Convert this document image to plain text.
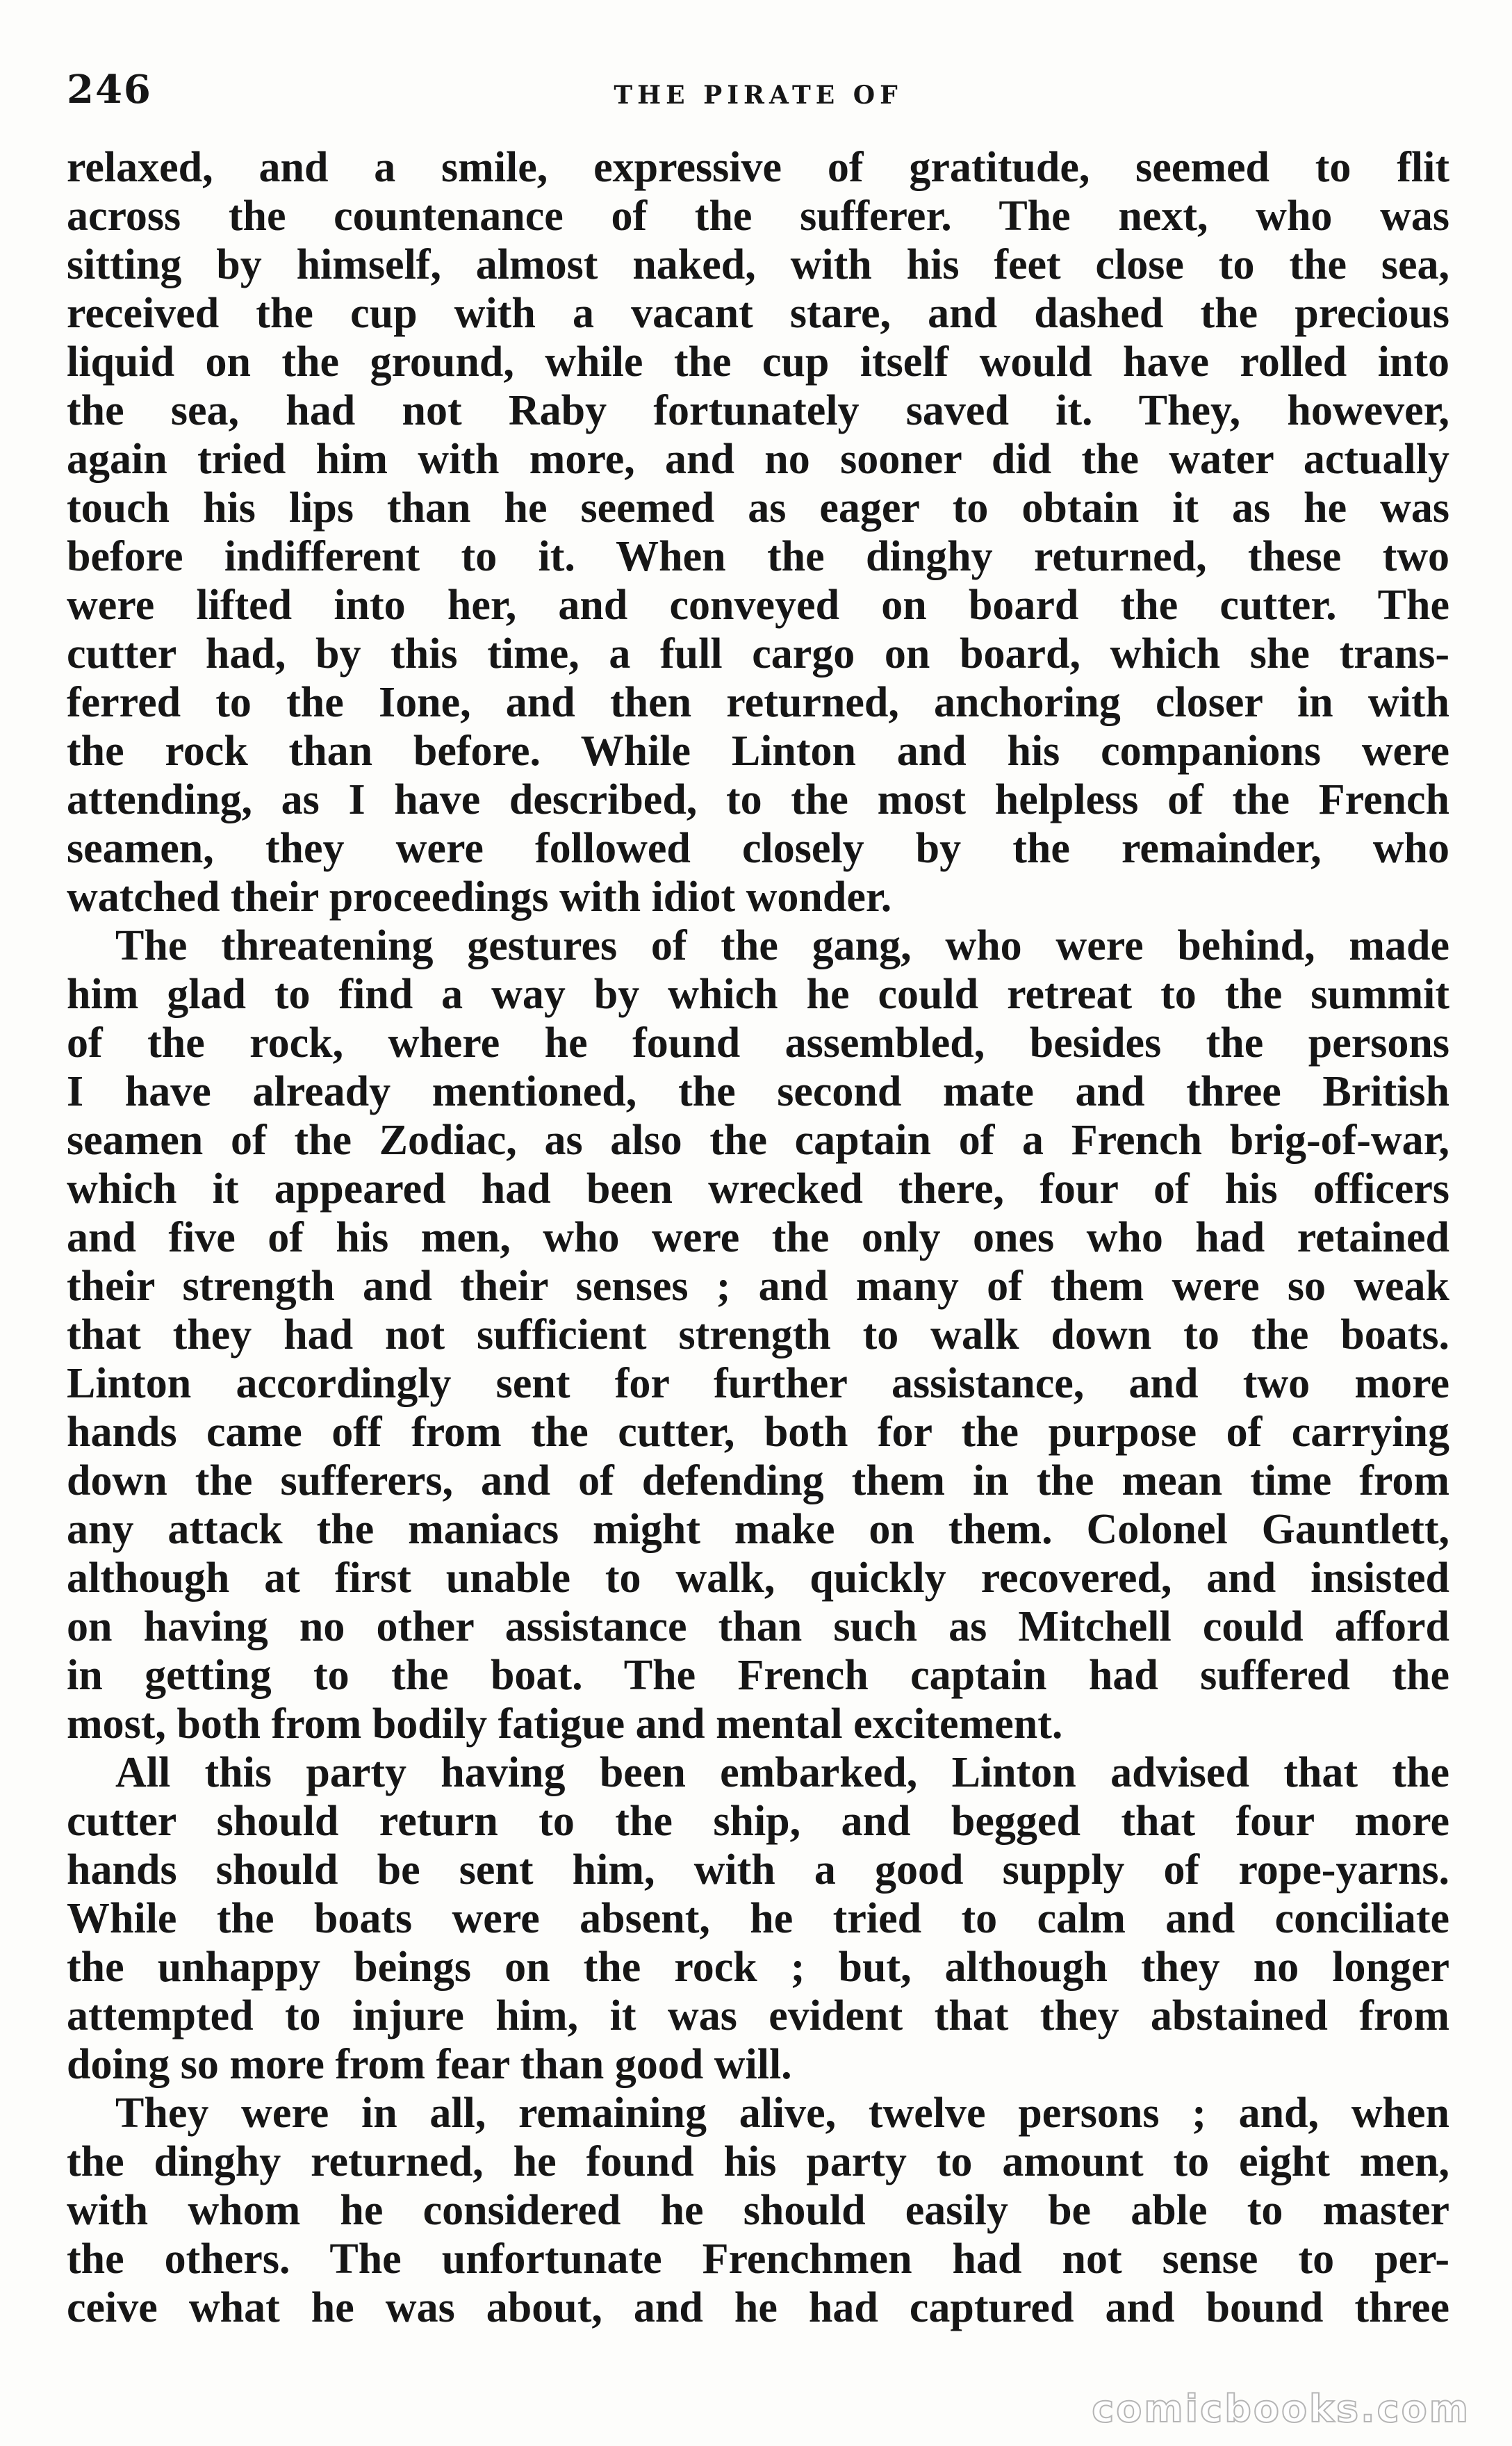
246	THE PIRATE OF
relaxed, and a smile, expressive of gratitude, seemed to flit
across the countenance of the sufferer. The next, who was
sitting by himself, almost naked, with his feet close to the sea,
received the cup with a vacant stare, and dashed the precious
liquid on the ground, while the cup itself would have rolled into
the sea, had not Raby fortunately saved it. They, however,
again tried him with more, and no sooner did the water actually
touch his lips than he seemed as eager to obtain it as he was
before indifferent to it. When the dinghy returned, these two
were lifted into her, and conveyed on board the cutter. The
cutter had, by this time, a full cargo on board, which she trans-
ferred to the Ione, and then returned, anchoring closer in with
the rock than before. While Linton and his companions were
attending, as I have described, to the most helpless of the French
seamen, they were followed closely by the remainder, who
watched their proceedings with idiot wonder.
The threatening gestures of the gang, who were behind, made
him glad to find a way by which he could retreat to the summit
of the rock, where he found assembled, besides the persons
I have already mentioned, the second mate and three British
seamen of the Zodiac, as also the captain of a French brig-of-war,
which it appeared had been wrecked there, four of his officers
and five of his men, who were the only ones who had retained
their strength and their senses ; and many of them were so weak
that they had not sufficient strength to walk down to the boats.
Linton accordingly sent for further assistance, and two more
hands came off from the cutter, both for the purpose of carrying
down the sufferers, and of defending them in the mean time from
any attack the maniacs might make on them. Colonel Gauntlett,
although at first unable to walk, quickly recovered, and insisted
on having no other assistance than such as Mitchell could afford
in getting to the boat. The French captain had suffered the
most, both from bodily fatigue and mental excitement.
All this party having been embarked, Linton advised that the
cutter should return to the ship, and begged that four more
hands should be sent him, with a good supply of rope-yarns.
While the boats were absent, he tried to calm and conciliate
the unhappy beings on the rock ; but, although they no longer
attempted to injure him, it was evident that they abstained from
doing so more from fear than good will.
They were in all, remaining alive, twelve persons ; and, when
the dinghy returned, he found his party to amount to eight men,
with whom he considered he should easily be able to master
the others. The unfortunate Frenchmen had not sense to per-
ceive what he was about, and he had captured and bound three
comicbooks.com
